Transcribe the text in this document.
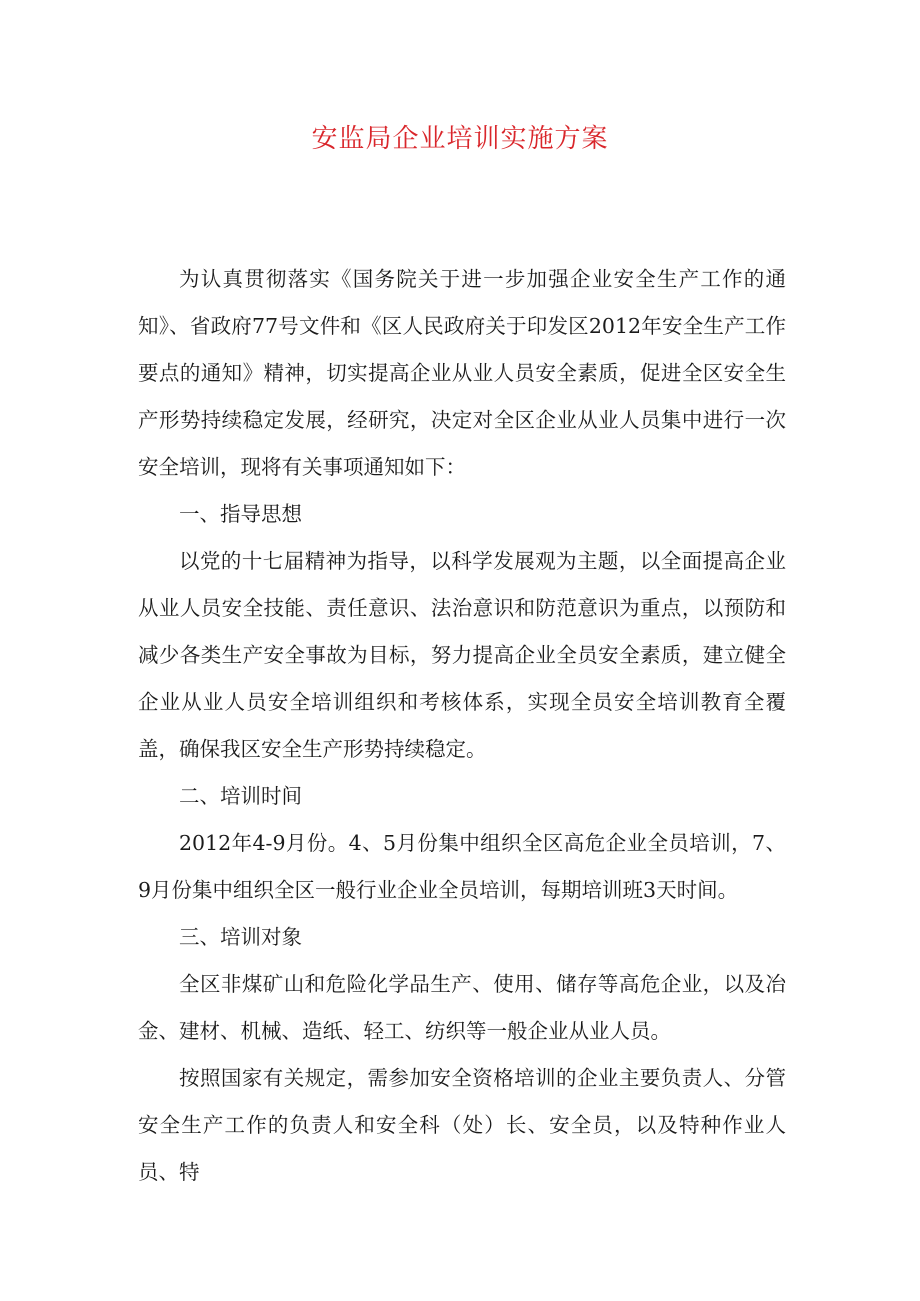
安监局企业培训实施方案

为认真贯彻落实《国务院关于进一步加强企业安全生产工作的通知》、省政府77号文件和《区人民政府关于印发区2012年安全生产工作要点的通知》精神，切实提高企业从业人员安全素质，促进全区安全生产形势持续稳定发展，经研究，决定对全区企业从业人员集中进行一次安全培训，现将有关事项通知如下：

一、指导思想

以党的十七届精神为指导，以科学发展观为主题，以全面提高企业从业人员安全技能、责任意识、法治意识和防范意识为重点，以预防和减少各类生产安全事故为目标，努力提高企业全员安全素质，建立健全企业从业人员安全培训组织和考核体系，实现全员安全培训教育全覆盖，确保我区安全生产形势持续稳定。

二、培训时间

2012年4-9月份。4、5月份集中组织全区高危企业全员培训，7、9月份集中组织全区一般行业企业全员培训，每期培训班3天时间。

三、培训对象

全区非煤矿山和危险化学品生产、使用、储存等高危企业，以及冶金、建材、机械、造纸、轻工、纺织等一般企业从业人员。

按照国家有关规定，需参加安全资格培训的企业主要负责人、分管安全生产工作的负责人和安全科（处）长、安全员，以及特种作业人员、特
